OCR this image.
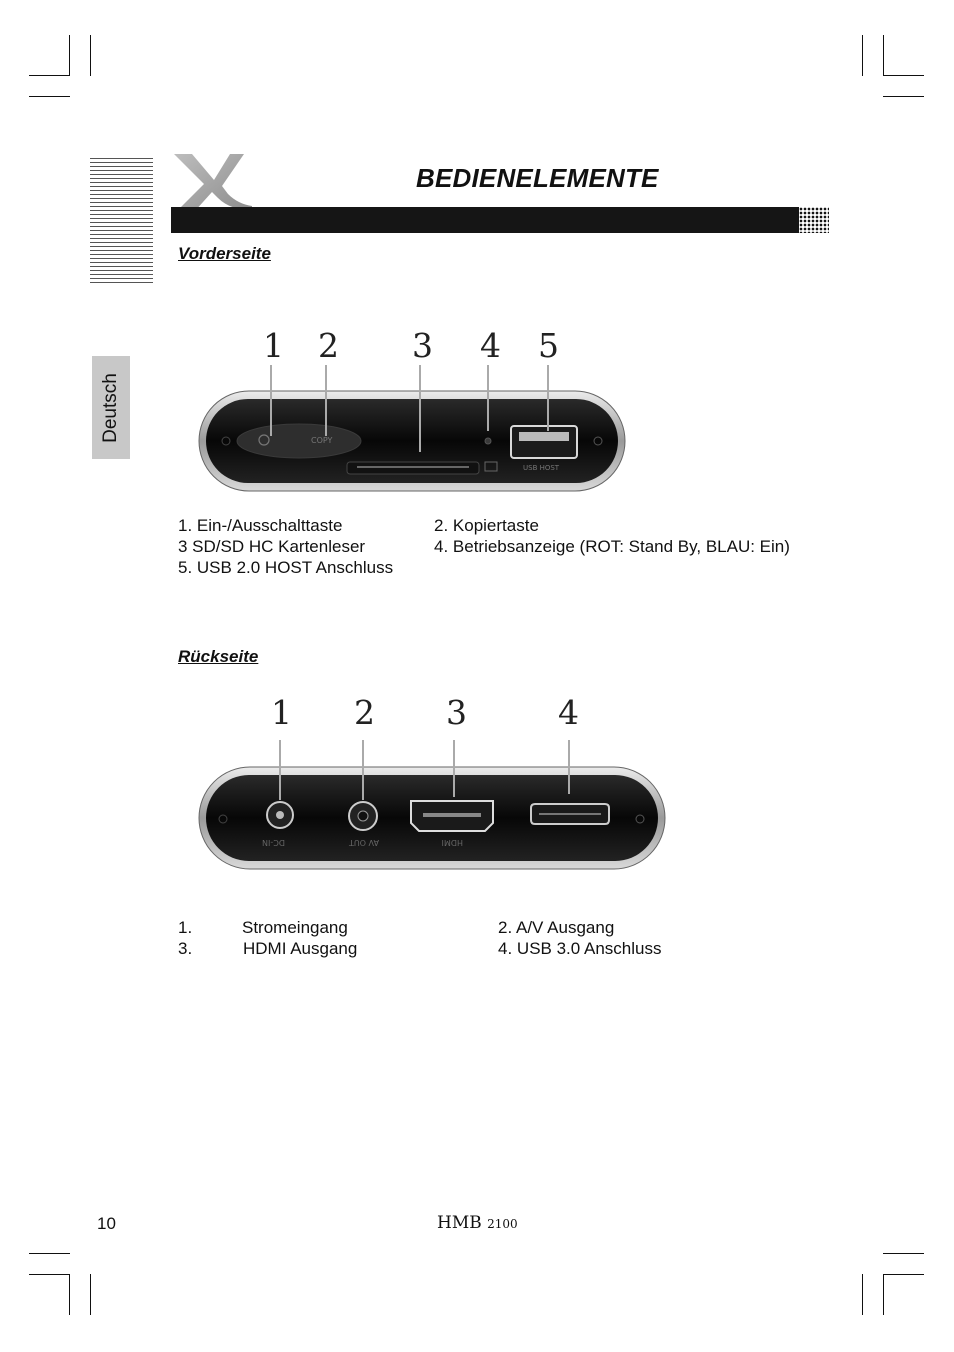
BEDIENELEMENTE
Deutsch
Vorderseite
COPY
USB HOST
1 2 3 4 5
1. Ein-/Ausschalttaste	2. Kopiertaste
3 SD/SD HC Kartenleser	4. Betriebsanzeige (ROT: Stand By, BLAU: Ein)
5. USB 2.0 HOST Anschluss
Rückseite
DC-IN	AV OUT	HDMI
1 2 3	4
1.	Stromeingang	2. A/V Ausgang
3.	HDMI Ausgang	4. USB 3.0 Anschluss
10	HMB 2100
